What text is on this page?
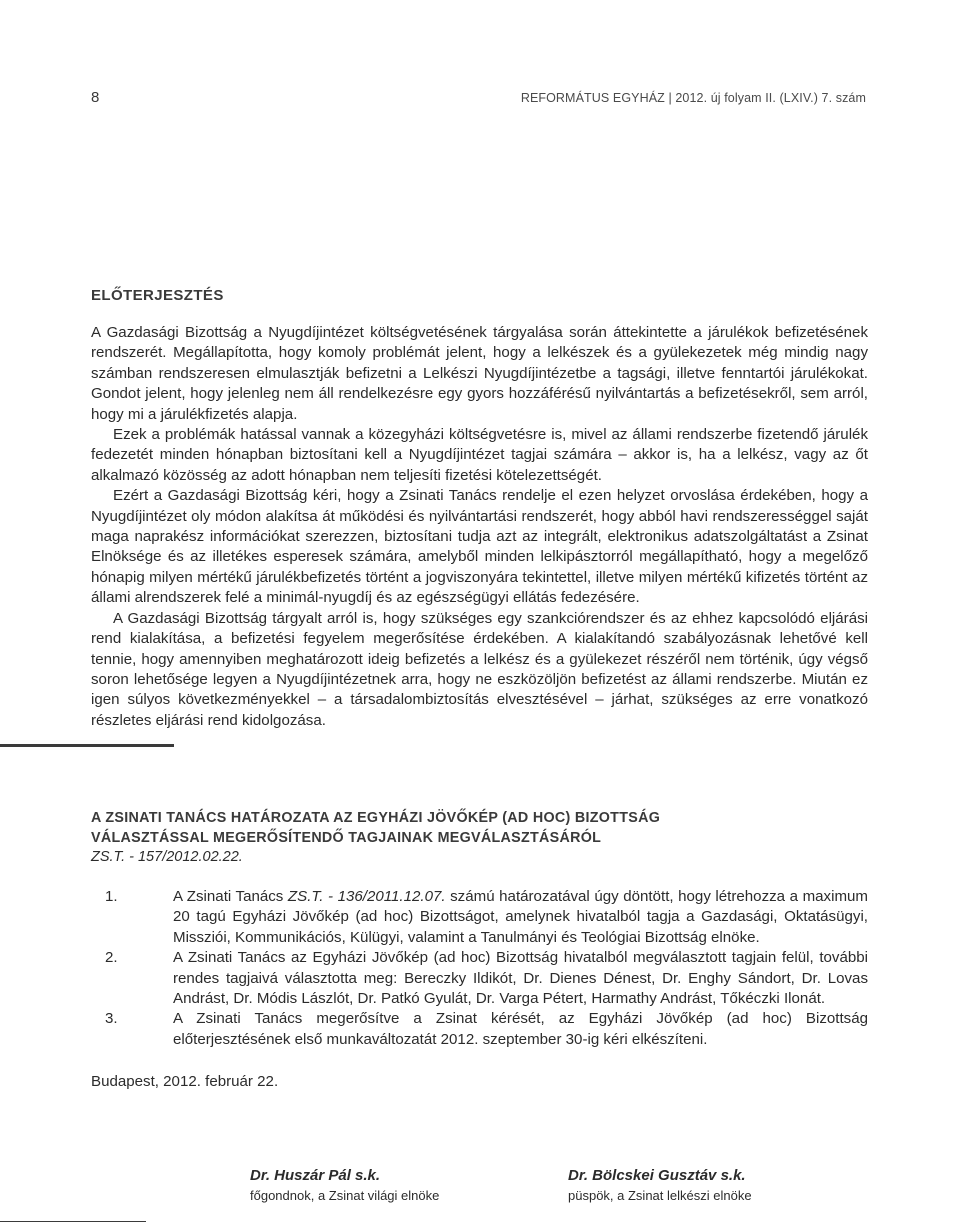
8	REFORMÁTUS EGYHÁZ | 2012. új folyam II. (LXIV.) 7. szám
ELŐTERJESZTÉS

A Gazdasági Bizottság a Nyugdíjintézet költségvetésének tárgyalása során áttekintette a járulékok befizetésének rendszerét. Megállapította, hogy komoly problémát jelent, hogy a lelkészek és a gyülekezetek még mindig nagy számban rendszeresen elmulasztják befizetni a Lelkészi Nyugdíjintézetbe a tagsági, illetve fenntartói járulékokat. Gondot jelent, hogy jelenleg nem áll rendelkezésre egy gyors hozzáférésű nyilvántartás a befizetésekről, sem arról, hogy mi a járulékfizetés alapja.

Ezek a problémák hatással vannak a közegyházi költségvetésre is, mivel az állami rendszerbe fizetendő járulék fedezetét minden hónapban biztosítani kell a Nyugdíjintézet tagjai számára – akkor is, ha a lelkész, vagy az őt alkalmazó közösség az adott hónapban nem teljesíti fizetési kötelezettségét.

Ezért a Gazdasági Bizottság kéri, hogy a Zsinati Tanács rendelje el ezen helyzet orvoslása érdekében, hogy a Nyugdíjintézet oly módon alakítsa át működési és nyilvántartási rendszerét, hogy abból havi rendszerességgel saját maga naprakész információkat szerezzen, biztosítani tudja azt az integrált, elektronikus adatszolgáltatást a Zsinat Elnöksége és az illetékes esperesek számára, amelyből minden lelkipásztorról megállapítható, hogy a megelőző hónapig milyen mértékű járulékbefizetés történt a jogviszonyára tekintettel, illetve milyen mértékű kifizetés történt az állami alrendszerek felé a minimál-nyugdíj és az egészségügyi ellátás fedezésére.

A Gazdasági Bizottság tárgyalt arról is, hogy szükséges egy szankciórendszer és az ehhez kapcsolódó eljárási rend kialakítása, a befizetési fegyelem megerősítése érdekében. A kialakítandó szabályozásnak lehetővé kell tennie, hogy amennyiben meghatározott ideig befizetés a lelkész és a gyülekezet részéről nem történik, úgy végső soron lehetősége legyen a Nyugdíjintézetnek arra, hogy ne eszközöljön befizetést az állami rendszerbe. Miután ez igen súlyos következményekkel – a társadalombiztosítás elvesztésével – járhat, szükséges az erre vonatkozó részletes eljárási rend kidolgozása.

A ZSINATI TANÁCS HATÁROZATA AZ EGYHÁZI JÖVŐKÉP (AD HOC) BIZOTTSÁG
VÁLASZTÁSSAL MEGERŐSÍTENDŐ TAGJAINAK MEGVÁLASZTÁSÁRÓL
ZS.T. - 157/2012.02.22.
1.	A Zsinati Tanács ZS.T. - 136/2011.12.07. számú határozatával úgy döntött, hogy létrehozza a maximum 20 tagú Egyházi Jövőkép (ad hoc) Bizottságot, amelynek hivatalból tagja a Gazdasági, Oktatásügyi, Missziói, Kommunikációs, Külügyi, valamint a Tanulmányi és Teológiai Bizottság elnöke.
2.	A Zsinati Tanács az Egyházi Jövőkép (ad hoc) Bizottság hivatalból megválasztott tagjain felül, további rendes tagjaivá választotta meg: Bereczky Ildikót, Dr. Dienes Dénest, Dr. Enghy Sándort, Dr. Lovas Andrást, Dr. Módis Lászlót, Dr. Patkó Gyulát, Dr. Varga Pétert, Harmathy Andrást, Tőkéczki Ilonát.
3.	A Zsinati Tanács megerősítve a Zsinat kérését, az Egyházi Jövőkép (ad hoc) Bizottság előterjesztésének első munkaváltozatát 2012. szeptember 30-ig kéri elkészíteni.
Budapest, 2012. február 22.
Dr. Huszár Pál s.k.
főgondnok, a Zsinat világi elnöke
Dr. Bölcskei Gusztáv s.k.
püspök, a Zsinat lelkészi elnöke
